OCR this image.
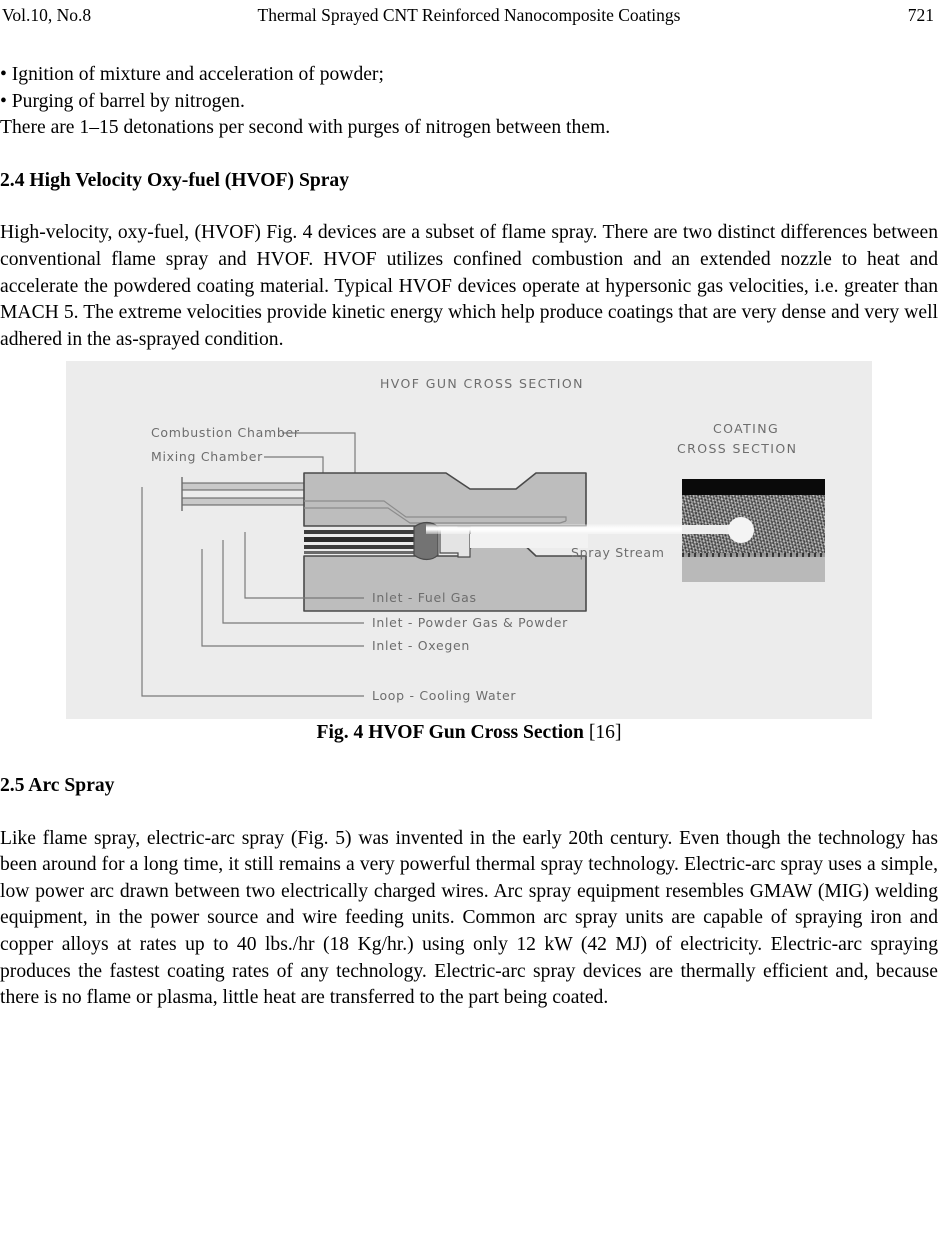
Vol.10, No.8	Thermal Sprayed CNT Reinforced Nanocomposite Coatings	721

• Ignition of mixture and acceleration of powder;

• Purging of barrel by nitrogen.

There are 1–15 detonations per second with purges of nitrogen between them.

2.4 High Velocity Oxy-fuel (HVOF) Spray

High-velocity, oxy-fuel, (HVOF) Fig. 4 devices are a subset of flame spray. There are two distinct differences between conventional flame spray and HVOF. HVOF utilizes confined combustion and an extended nozzle to heat and accelerate the powdered coating material. Typical HVOF devices operate at hypersonic gas velocities, i.e. greater than MACH 5. The extreme velocities provide kinetic energy which help produce coatings that are very dense and very well adhered in the as-sprayed condition.

HVOF GUN CROSS SECTION
COATING
CROSS SECTION
Combustion Chamber
Mixing Chamber
Inlet - Fuel Gas
Inlet - Powder Gas & Powder
Inlet - Oxegen
Loop - Cooling Water
Spray Stream

Fig. 4 HVOF Gun Cross Section [16]

2.5 Arc Spray

Like flame spray, electric-arc spray (Fig. 5) was invented in the early 20th century. Even though the technology has been around for a long time, it still remains a very powerful thermal spray technology. Electric-arc spray uses a simple, low power arc drawn between two electrically charged wires. Arc spray equipment resembles GMAW (MIG) welding equipment, in the power source and wire feeding units. Common arc spray units are capable of spraying iron and copper alloys at rates up to 40 lbs./hr (18 Kg/hr.) using only 12 kW (42 MJ) of electricity. Electric-arc spraying produces the fastest coating rates of any technology. Electric-arc spray devices are thermally efficient and, because there is no flame or plasma, little heat are transferred to the part being coated.
